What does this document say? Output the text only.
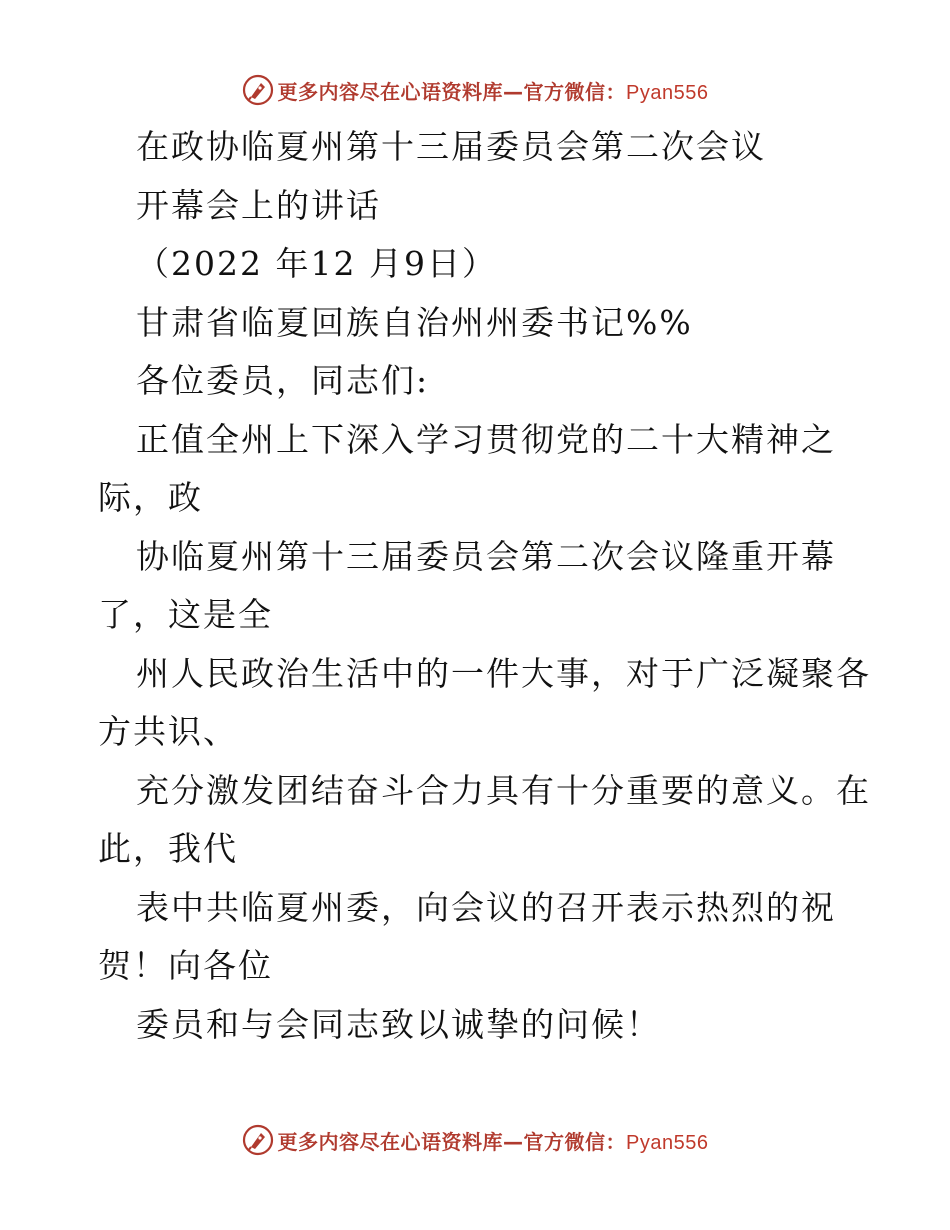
更多内容尽在心语资料库—官方微信：Pyan556
在政协临夏州第十三届委员会第二次会议
开幕会上的讲话
（2022 年12 月9日）
甘肃省临夏回族自治州州委书记%%
各位委员，同志们:
正值全州上下深入学习贯彻党的二十大精神之
际，政
协临夏州第十三届委员会第二次会议隆重开幕
了，这是全
州人民政治生活中的一件大事，对于广泛凝聚各
方共识、
充分激发团结奋斗合力具有十分重要的意义。在
此，我代
表中共临夏州委，向会议的召开表示热烈的祝
贺！向各位
委员和与会同志致以诚挚的问候！
更多内容尽在心语资料库—官方微信：Pyan556
